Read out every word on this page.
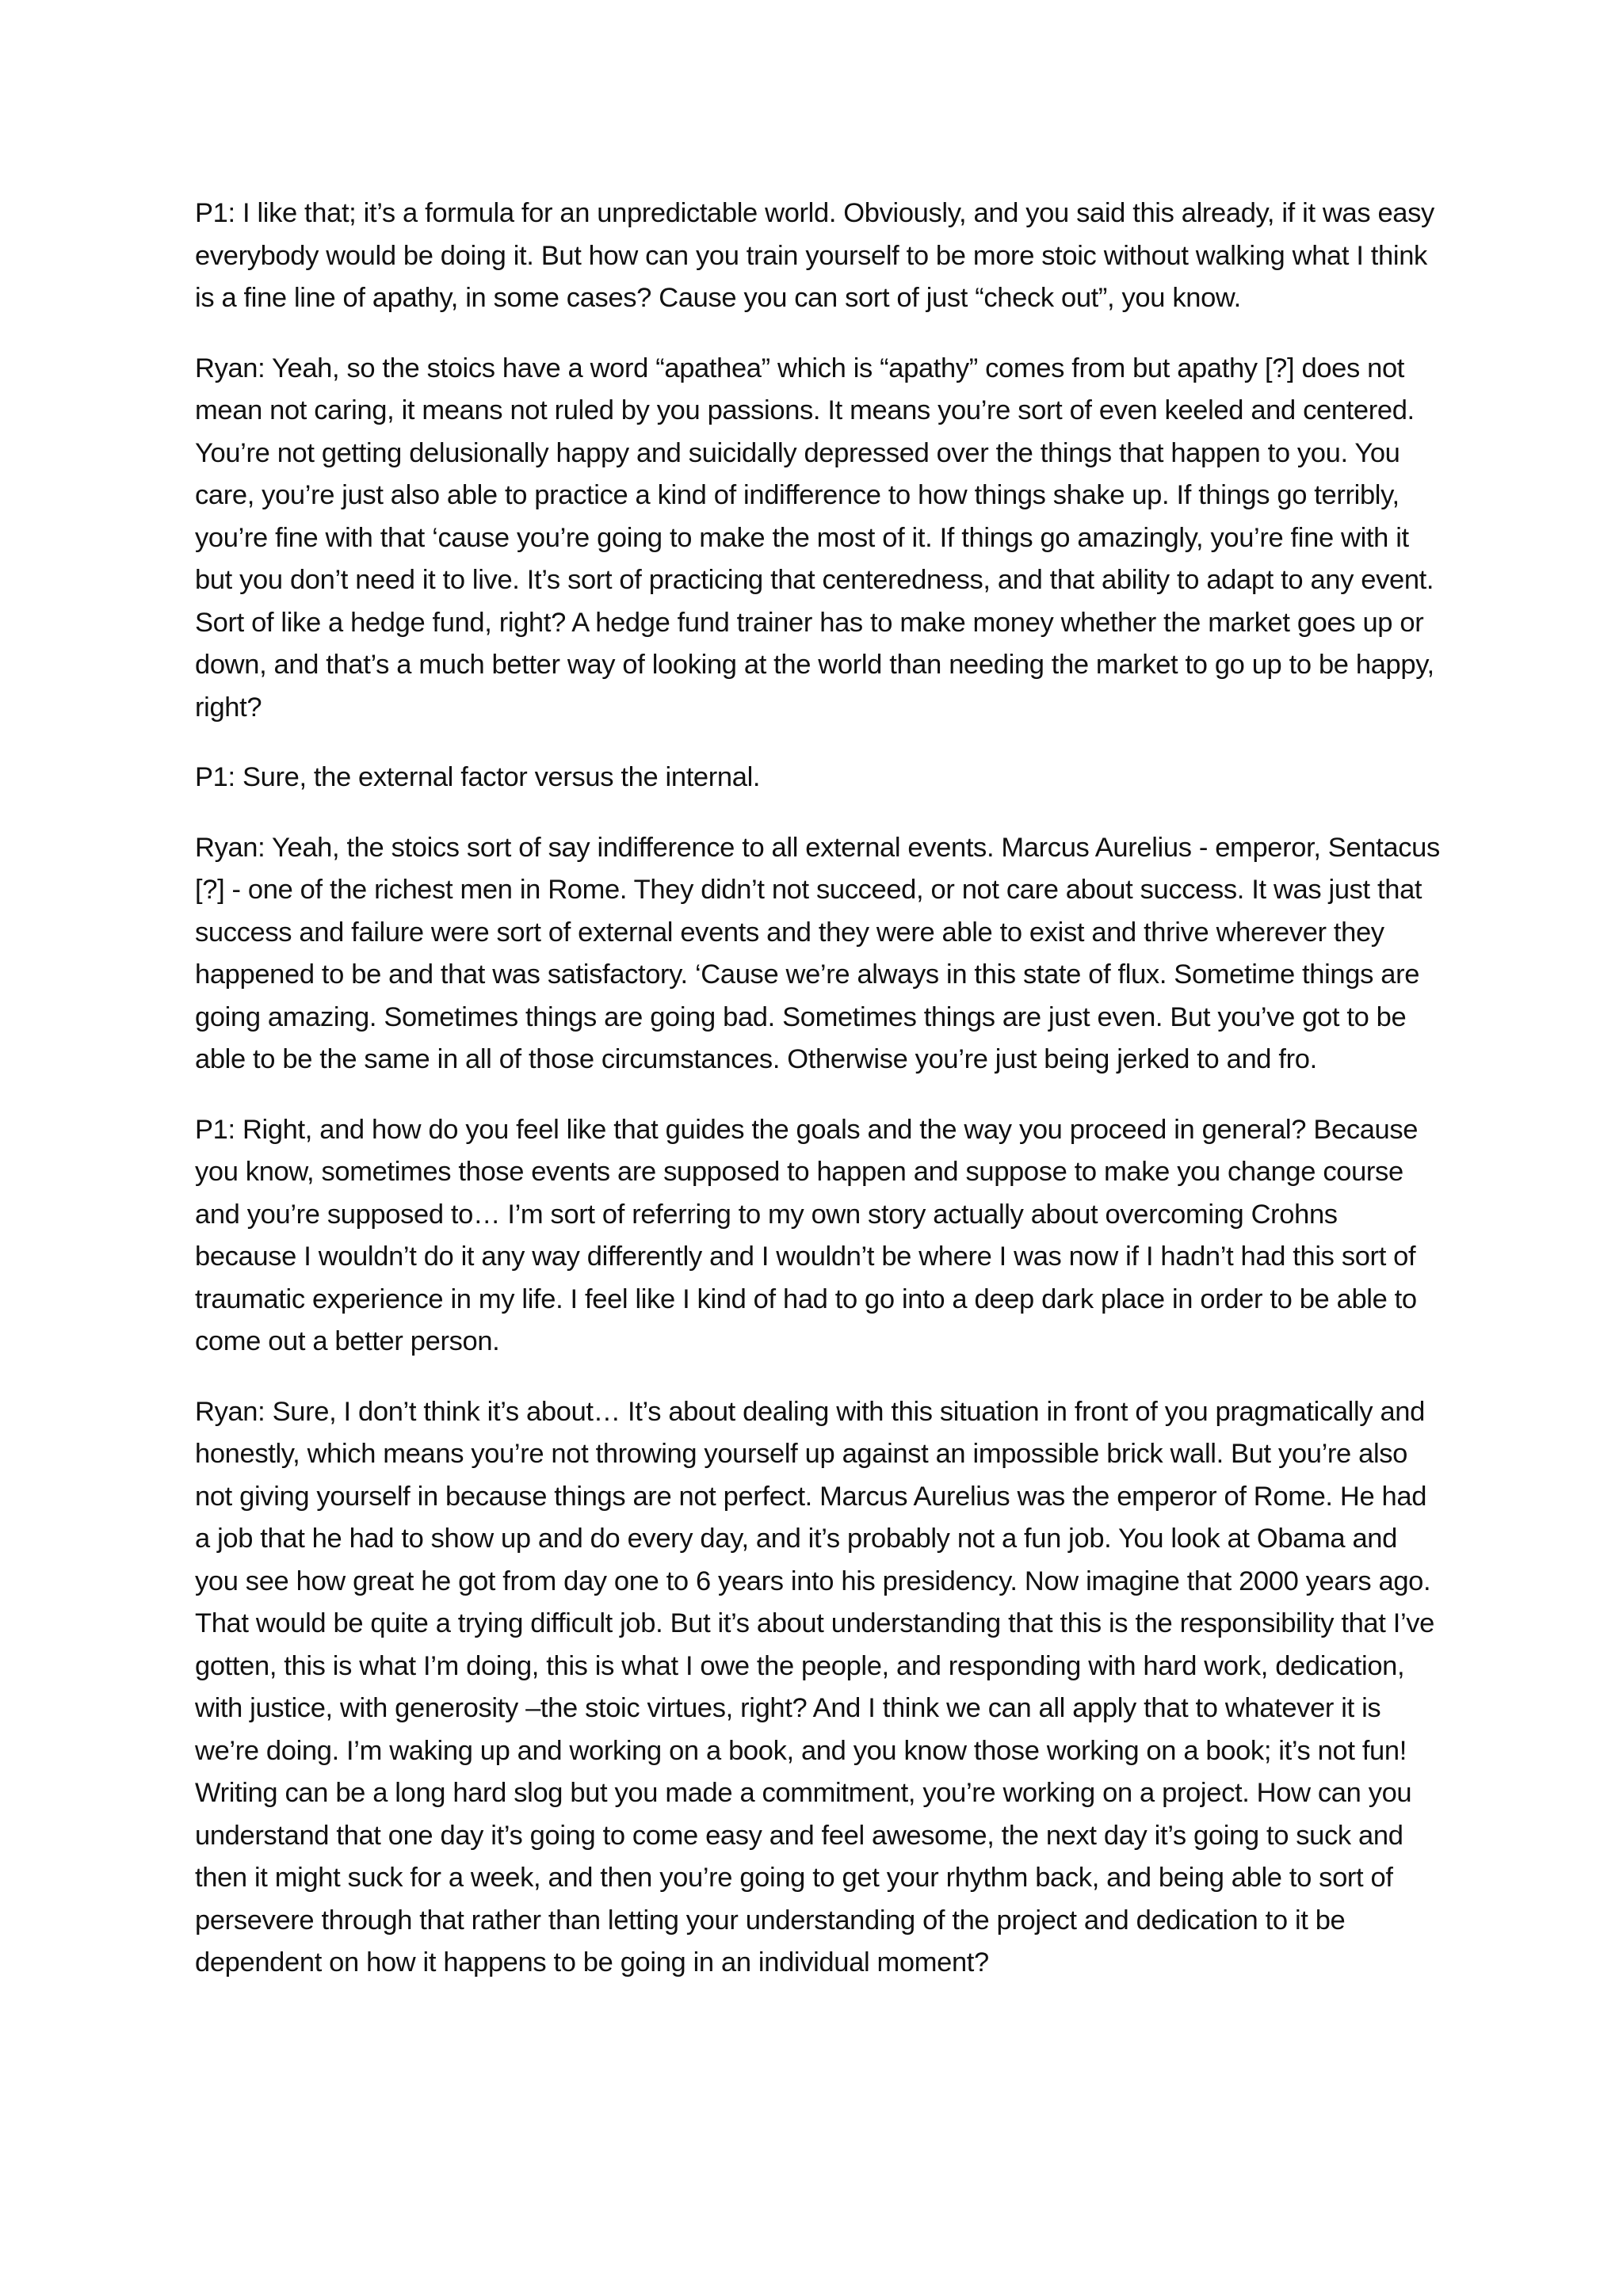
P1: I like that; it’s a formula for an unpredictable world. Obviously, and you said this already, if it was easy everybody would be doing it. But how can you train yourself to be more stoic without walking what I think is a fine line of apathy, in some cases? Cause you can sort of just “check out”, you know.

Ryan: Yeah, so the stoics have a word “apathea” which is “apathy” comes from but apathy [?] does not mean not caring, it means not ruled by you passions. It means you’re sort of even keeled and centered. You’re not getting delusionally happy and suicidally depressed over the things that happen to you. You care, you’re just also able to practice a kind of indifference to how things shake up. If things go terribly, you’re fine with that ‘cause you’re going to make the most of it. If things go amazingly, you’re fine with it but you don’t need it to live. It’s sort of practicing that centeredness, and that ability to adapt to any event. Sort of like a hedge fund, right? A hedge fund trainer has to make money whether the market goes up or down, and that’s a much better way of looking at the world than needing the market to go up to be happy, right?

P1: Sure, the external factor versus the internal.

Ryan: Yeah, the stoics sort of say indifference to all external events. Marcus Aurelius - emperor, Sentacus [?] - one of the richest men in Rome. They didn’t not succeed, or not care about success. It was just that success and failure were sort of external events and they were able to exist and thrive wherever they happened to be and that was satisfactory. ‘Cause we’re always in this state of flux. Sometime things are going amazing. Sometimes things are going bad. Sometimes things are just even. But you’ve got to be able to be the same in all of those circumstances. Otherwise you’re just being jerked to and fro.

P1: Right, and how do you feel like that guides the goals and the way you proceed in general? Because you know, sometimes those events are supposed to happen and suppose to make you change course and you’re supposed to… I’m sort of referring to my own story actually about overcoming Crohns because I wouldn’t do it any way differently and I wouldn’t be where I was now if I hadn’t had this sort of traumatic experience in my life. I feel like I kind of had to go into a deep dark place in order to be able to come out a better person.

Ryan: Sure, I don’t think it’s about… It’s about dealing with this situation in front of you pragmatically and honestly, which means you’re not throwing yourself up against an impossible brick wall. But you’re also not giving yourself in because things are not perfect. Marcus Aurelius was the emperor of Rome. He had a job that he had to show up and do every day, and it’s probably not a fun job. You look at Obama and you see how great he got from day one to 6 years into his presidency. Now imagine that 2000 years ago. That would be quite a trying difficult job. But it’s about understanding that this is the responsibility that I’ve gotten, this is what I’m doing, this is what I owe the people, and responding with hard work, dedication, with justice, with generosity –the stoic virtues, right? And I think we can all apply that to whatever it is we’re doing. I’m waking up and working on a book, and you know those working on a book; it’s not fun! Writing can be a long hard slog but you made a commitment, you’re working on a project. How can you understand that one day it’s going to come easy and feel awesome, the next day it’s going to suck and then it might suck for a week, and then you’re going to get your rhythm back, and being able to sort of persevere through that rather than letting your understanding of the project and dedication to it be dependent on how it happens to be going in an individual moment?
